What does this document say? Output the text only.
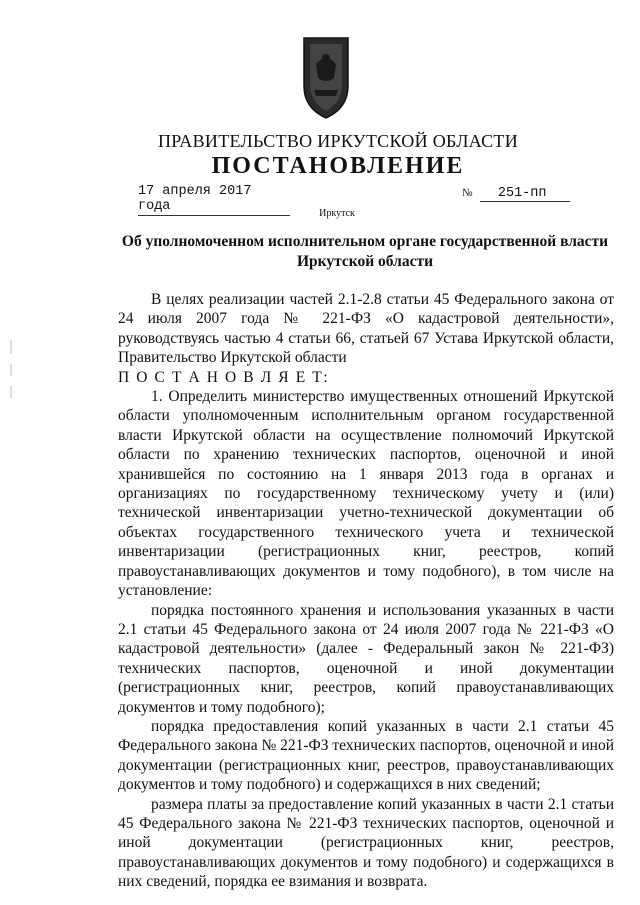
ПРАВИТЕЛЬСТВО ИРКУТСКОЙ ОБЛАСТИ
ПОСТАНОВЛЕНИЕ
17 апреля 2017 года
№ 251-пп
Иркутск
Об уполномоченном исполнительном органе государственной власти
Иркутской области

В целях реализации частей 2.1-2.8 статьи 45 Федерального закона от 24 июля 2007 года № 221-ФЗ «О кадастровой деятельности», руководствуясь частью 4 статьи 66, статьей 67 Устава Иркутской области, Правительство Иркутской области

П О С Т А Н О В Л Я Е Т:

1. Определить министерство имущественных отношений Иркутской области уполномоченным исполнительным органом государственной власти Иркутской области на осуществление полномочий Иркутской области по хранению технических паспортов, оценочной и иной хранившейся по состоянию на 1 января 2013 года в органах и организациях по государственному техническому учету и (или) технической инвентаризации учетно-технической документации об объектах государственного технического учета и технической инвентаризации (регистрационных книг, реестров, копий правоустанавливающих документов и тому подобного), в том числе на установление:

порядка постоянного хранения и использования указанных в части 2.1 статьи 45 Федерального закона от 24 июля 2007 года № 221-ФЗ «О кадастровой деятельности» (далее - Федеральный закон № 221-ФЗ) технических паспортов, оценочной и иной документации (регистрационных книг, реестров, копий правоустанавливающих документов и тому подобного);

порядка предоставления копий указанных в части 2.1 статьи 45 Федерального закона № 221-ФЗ технических паспортов, оценочной и иной документации (регистрационных книг, реестров, правоустанавливающих документов и тому подобного) и содержащихся в них сведений;

размера платы за предоставление копий указанных в части 2.1 статьи 45 Федерального закона № 221-ФЗ технических паспортов, оценочной и иной документации (регистрационных книг, реестров, правоустанавливающих документов и тому подобного) и содержащихся в них сведений, порядка ее взимания и возврата.
